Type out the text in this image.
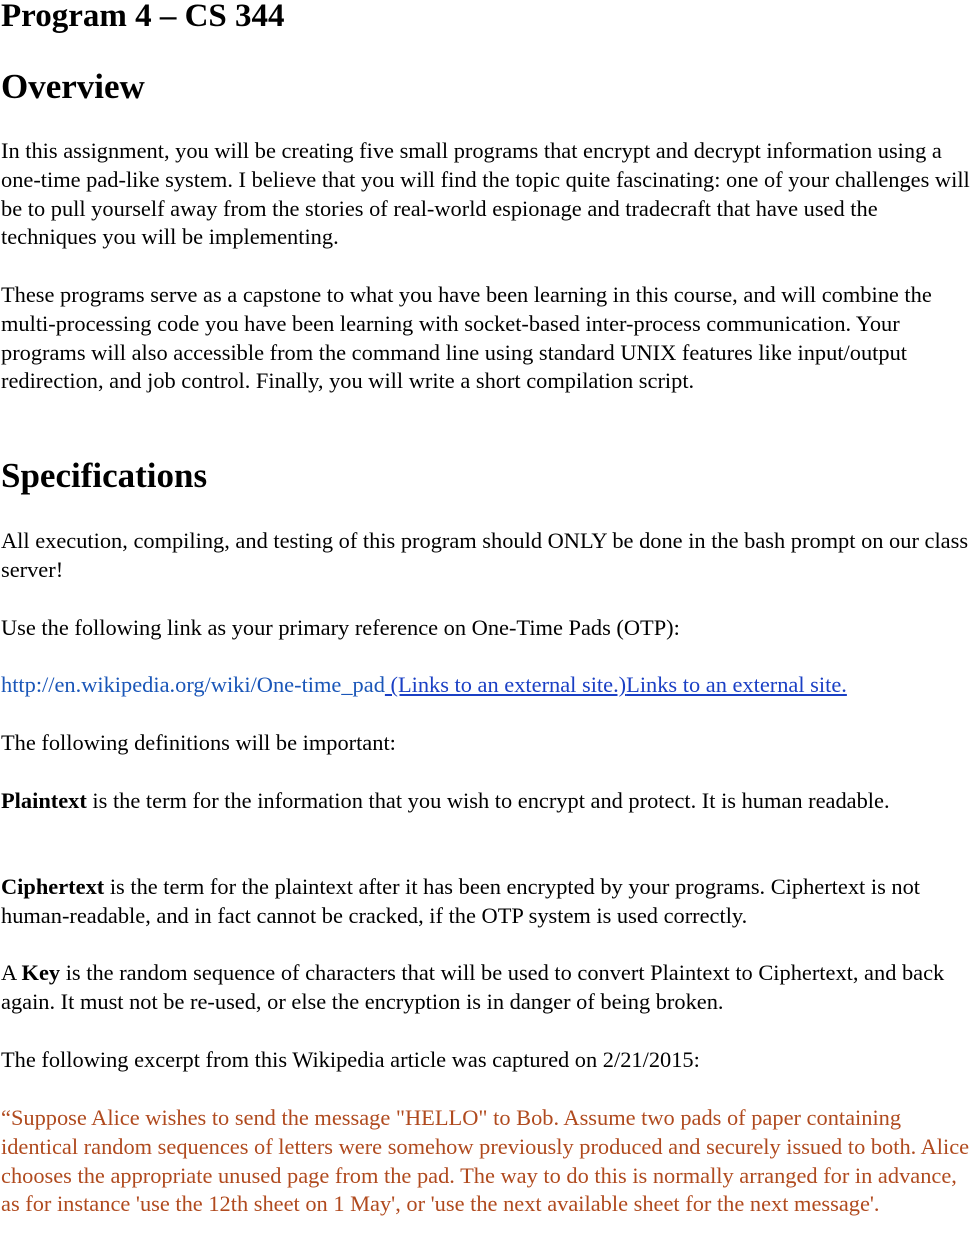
Program 4 – CS 344
Overview

In this assignment, you will be creating five small programs that encrypt and decrypt information using a one-time pad-like system. I believe that you will find the topic quite fascinating: one of your challenges will be to pull yourself away from the stories of real-world espionage and tradecraft that have used the techniques you will be implementing.

These programs serve as a capstone to what you have been learning in this course, and will combine the multi-processing code you have been learning with socket-based inter-process communication. Your programs will also accessible from the command line using standard UNIX features like input/output redirection, and job control. Finally, you will write a short compilation script.

Specifications

All execution, compiling, and testing of this program should ONLY be done in the bash prompt on our class server!

Use the following link as your primary reference on One-Time Pads (OTP):

http://en.wikipedia.org/wiki/One-time_pad (Links to an external site.)Links to an external site.

The following definitions will be important:

Plaintext is the term for the information that you wish to encrypt and protect. It is human readable.

Ciphertext is the term for the plaintext after it has been encrypted by your programs. Ciphertext is not human-readable, and in fact cannot be cracked, if the OTP system is used correctly.

A Key is the random sequence of characters that will be used to convert Plaintext to Ciphertext, and back again. It must not be re-used, or else the encryption is in danger of being broken.

The following excerpt from this Wikipedia article was captured on 2/21/2015:

“Suppose Alice wishes to send the message "HELLO" to Bob. Assume two pads of paper containing identical random sequences of letters were somehow previously produced and securely issued to both. Alice chooses the appropriate unused page from the pad. The way to do this is normally arranged for in advance, as for instance 'use the 12th sheet on 1 May', or 'use the next available sheet for the next message'.
